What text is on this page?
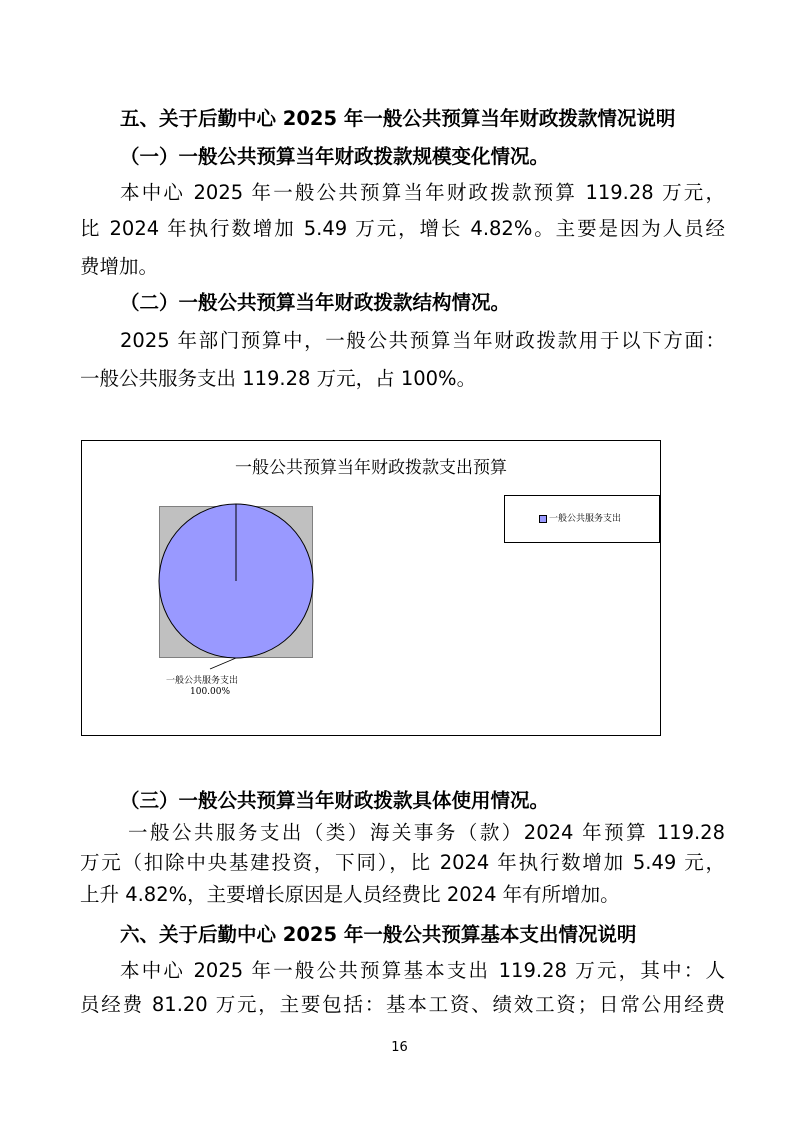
五、关于后勤中心 2025 年一般公共预算当年财政拨款情况说明
（一）一般公共预算当年财政拨款规模变化情况。
本中心 2025 年一般公共预算当年财政拨款预算 119.28 万元，
比 2024 年执行数增加 5.49 万元，增长 4.82%。主要是因为人员经
费增加。
（二）一般公共预算当年财政拨款结构情况。
2025 年部门预算中，一般公共预算当年财政拨款用于以下方面：
一般公共服务支出 119.28 万元，占 100%。
一般公共预算当年财政拨款支出预算
一般公共服务支出
一般公共服务支出
100.00%
（三）一般公共预算当年财政拨款具体使用情况。
一般公共服务支出（类）海关事务（款）2024 年预算 119.28
万元（扣除中央基建投资，下同），比 2024 年执行数增加 5.49 元，
上升 4.82%，主要增长原因是人员经费比 2024 年有所增加。
六、关于后勤中心 2025 年一般公共预算基本支出情况说明
本中心 2025 年一般公共预算基本支出 119.28 万元，其中：人
员经费 81.20 万元，主要包括：基本工资、绩效工资；日常公用经费
16
